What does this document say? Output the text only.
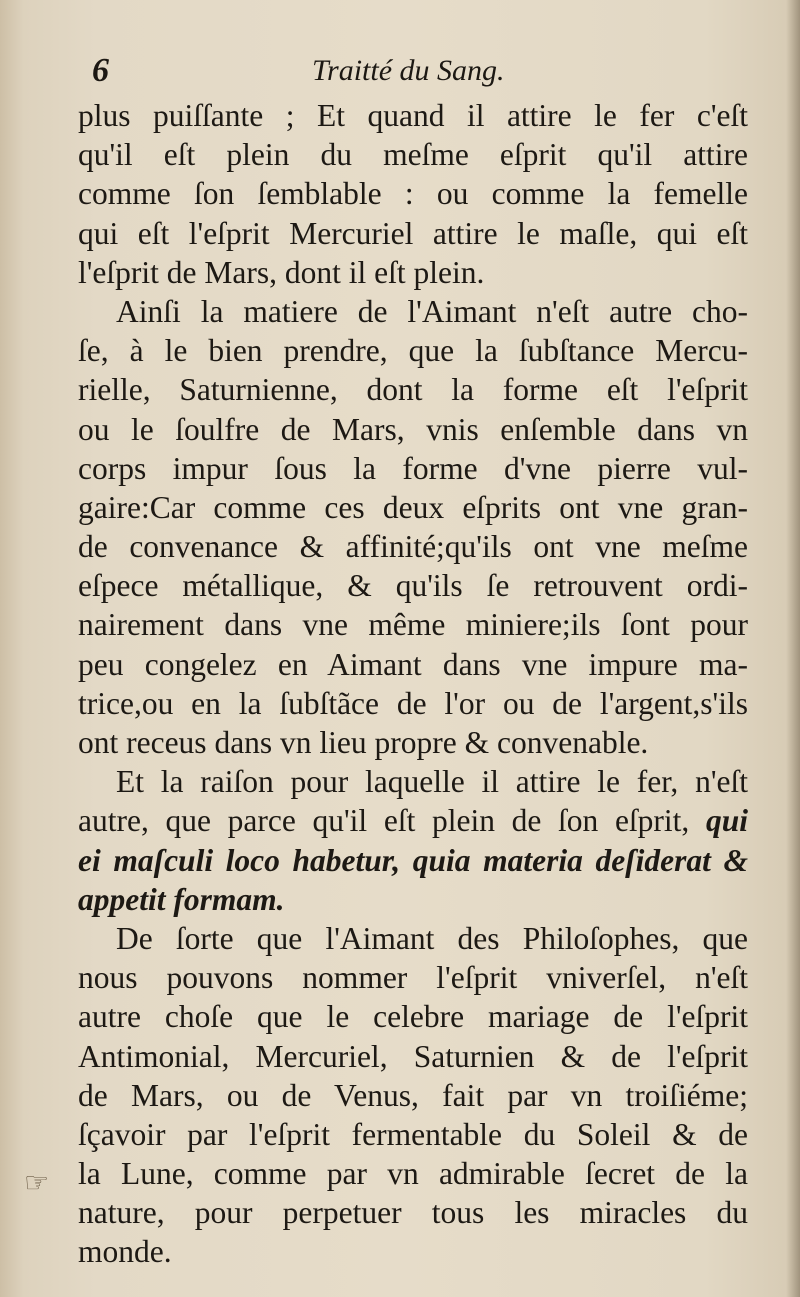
6	Traitté du Sang.
☞
plus puiſſante ; Et quand il attire le fer c'eſt
qu'il eſt plein du meſme eſprit qu'il attire
comme ſon ſemblable : ou comme la femelle
qui eſt l'eſprit Mercuriel attire le maſle, qui eſt
l'eſprit de Mars, dont il eſt plein.
Ainſi la matiere de l'Aimant n'eſt autre cho-
ſe, à le bien prendre, que la ſubſtance Mercu-
rielle, Saturnienne, dont la forme eſt l'eſprit
ou le ſoulfre de Mars, vnis enſemble dans vn
corps impur ſous la forme d'vne pierre vul-
gaire:Car comme ces deux eſprits ont vne gran-
de convenance & affinité;qu'ils ont vne meſme
eſpece métallique, & qu'ils ſe retrouvent ordi-
nairement dans vne même miniere;ils ſont pour
peu congelez en Aimant dans vne impure ma-
trice,ou en la ſubſtãce de l'or ou de l'argent,s'ils
ont receus dans vn lieu propre & convenable.
Et la raiſon pour laquelle il attire le fer, n'eſt
autre, que parce qu'il eſt plein de ſon eſprit, qui
ei maſculi loco habetur, quia materia deſiderat &
appetit formam.
De ſorte que l'Aimant des Philoſophes, que
nous pouvons nommer l'eſprit vniverſel, n'eſt
autre choſe que le celebre mariage de l'eſprit
Antimonial, Mercuriel, Saturnien & de l'eſprit
de Mars, ou de Venus, fait par vn troiſiéme;
ſçavoir par l'eſprit fermentable du Soleil & de
la Lune, comme par vn admirable ſecret de la
nature, pour perpetuer tous les miracles du
monde.
